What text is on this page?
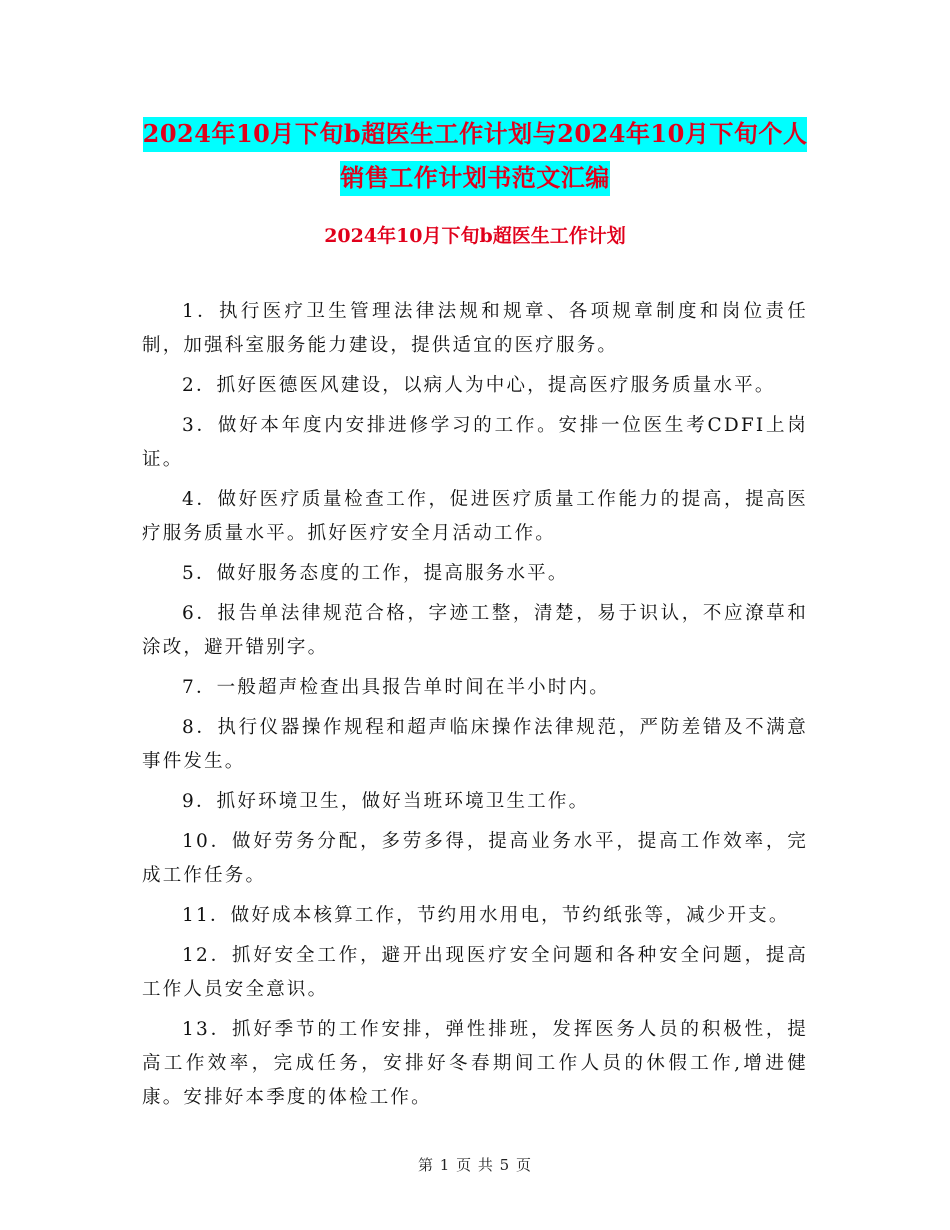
2024年10月下旬b超医生工作计划与2024年10月下旬个人销售工作计划书范文汇编
2024年10月下旬b超医生工作计划

1．执行医疗卫生管理法律法规和规章、各项规章制度和岗位责任制，加强科室服务能力建设，提供适宜的医疗服务。

2．抓好医德医风建设，以病人为中心，提高医疗服务质量水平。

3．做好本年度内安排进修学习的工作。安排一位医生考CDFI上岗证。

4．做好医疗质量检查工作，促进医疗质量工作能力的提高，提高医疗服务质量水平。抓好医疗安全月活动工作。

5．做好服务态度的工作，提高服务水平。

6．报告单法律规范合格，字迹工整，清楚，易于识认，不应潦草和涂改，避开错别字。

7．一般超声检查出具报告单时间在半小时内。

8．执行仪器操作规程和超声临床操作法律规范，严防差错及不满意事件发生。

9．抓好环境卫生，做好当班环境卫生工作。

10．做好劳务分配，多劳多得，提高业务水平，提高工作效率，完成工作任务。

11．做好成本核算工作，节约用水用电，节约纸张等，减少开支。

12．抓好安全工作，避开出现医疗安全问题和各种安全问题，提高工作人员安全意识。

13．抓好季节的工作安排，弹性排班，发挥医务人员的积极性，提高工作效率，完成任务，安排好冬春期间工作人员的休假工作,增进健康。安排好本季度的体检工作。

第 1 页 共 5 页
